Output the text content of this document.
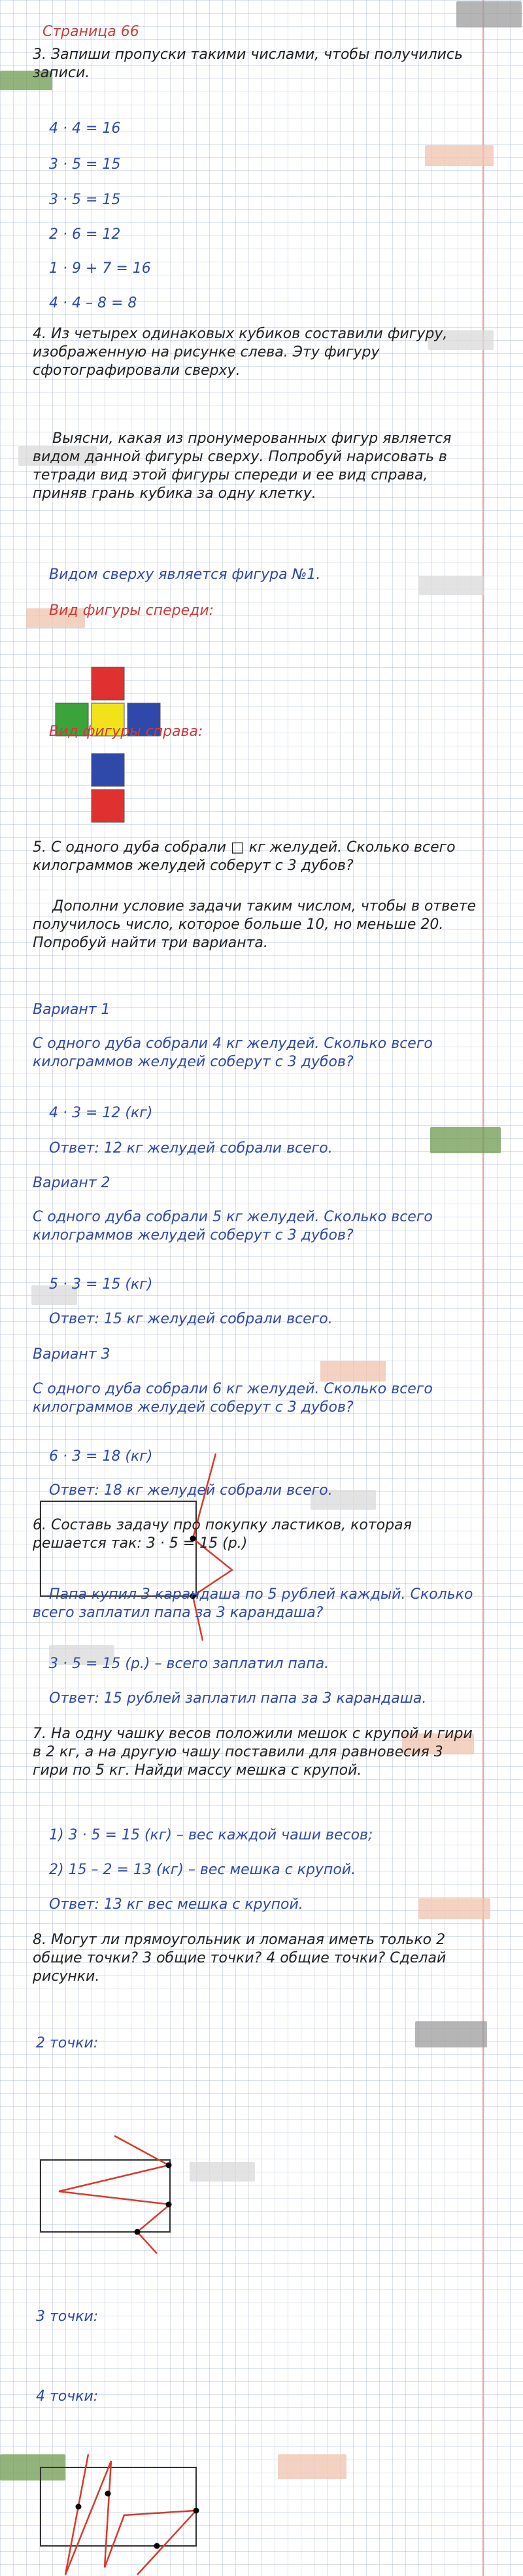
Страница 66
3. Запиши пропуски такими числами, чтобы получились записи.
4 · 4 = 16
3 · 5 = 15
3 · 5 = 15
2 · 6 = 12
1 · 9 + 7 = 16
4 · 4 – 8 = 8
4. Из четырех одинаковых кубиков составили фигуру, изображенную на рисунке слева. Эту фигуру сфотографировали сверху.
Выясни, какая из пронумерованных фигур является видом данной фигуры сверху. Попробуй нарисовать в тетради вид этой фигуры спереди и ее вид справа, приняв грань кубика за одну клетку.
Видом сверху является фигура №1.
Вид фигуры спереди:
Вид фигуры справа:
5. С одного дуба собрали □ кг желудей. Сколько всего килограммов желудей соберут с 3 дубов?
Дополни условие задачи таким числом, чтобы в ответе получилось число, которое больше 10, но меньше 20. Попробуй найти три варианта.
Вариант 1
С одного дуба собрали 4 кг желудей. Сколько всего килограммов желудей соберут с 3 дубов?
4 · 3 = 12 (кг)
Ответ: 12 кг желудей собрали всего.
Вариант 2
С одного дуба собрали 5 кг желудей. Сколько всего килограммов желудей соберут с 3 дубов?
5 · 3 = 15 (кг)
Ответ: 15 кг желудей собрали всего.
Вариант 3
С одного дуба собрали 6 кг желудей. Сколько всего килограммов желудей соберут с 3 дубов?
6 · 3 = 18 (кг)
Ответ: 18 кг желудей собрали всего.
6. Составь задачу про покупку ластиков, которая решается так: 3 · 5 = 15 (р.)
Папа купил 3 карандаша по 5 рублей каждый. Сколько всего заплатил папа за 3 карандаша?
3 · 5 = 15 (р.) – всего заплатил папа.
Ответ: 15 рублей заплатил папа за 3 карандаша.
7. На одну чашку весов положили мешок с крупой и гири в 2 кг, а на другую чашу поставили для равновесия 3 гири по 5 кг. Найди массу мешка с крупой.
1) 3 · 5 = 15 (кг) – вес каждой чаши весов;
2) 15 – 2 = 13 (кг) – вес мешка с крупой.
Ответ: 13 кг вес мешка с крупой.
8. Могут ли прямоугольник и ломаная иметь только 2 общие точки? 3 общие точки? 4 общие точки? Сделай рисунки.
2 точки:
3 точки:
4 точки:
